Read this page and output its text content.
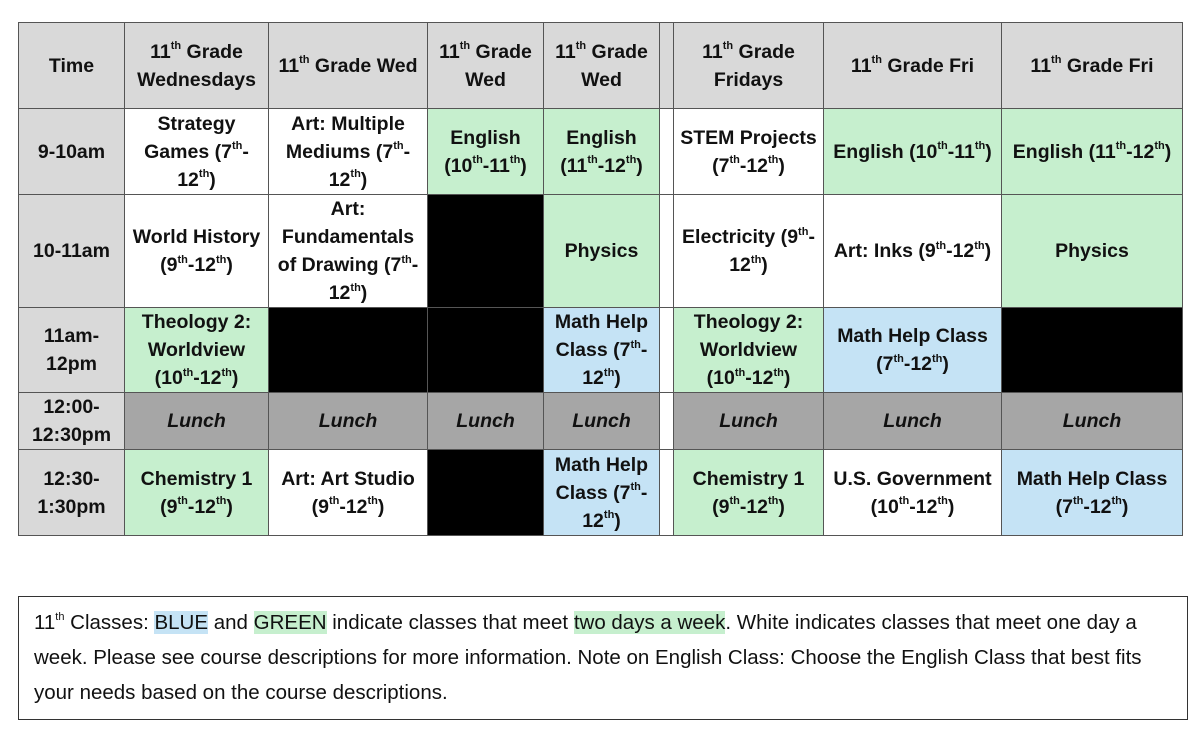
Time	11th Grade Wednesdays	11th Grade Wed	11th Grade Wed	11th Grade Wed		11th Grade Fridays	11th Grade Fri	11th Grade Fri
9-10am	Strategy Games (7th-12th)	Art: Multiple Mediums (7th-12th)	English (10th-11th)	English (11th-12th)		STEM Projects (7th-12th)	English (10th-11th)	English (11th-12th)
10-11am	World History (9th-12th)	Art: Fundamentals of Drawing (7th-12th)		Physics		Electricity (9th-12th)	Art: Inks (9th-12th)	Physics
11am-12pm	Theology 2: Worldview (10th-12th)			Math Help Class (7th-12th)		Theology 2: Worldview (10th-12th)	Math Help Class (7th-12th)	
12:00-12:30pm	Lunch	Lunch	Lunch	Lunch		Lunch	Lunch	Lunch
12:30-1:30pm	Chemistry 1 (9th-12th)	Art: Art Studio (9th-12th)		Math Help Class (7th-12th)		Chemistry 1 (9th-12th)	U.S. Government (10th-12th)	Math Help Class (7th-12th)
11th Classes: BLUE and GREEN indicate classes that meet two days a week. White indicates classes that meet one day a week. Please see course descriptions for more information. Note on English Class: Choose the English Class that best fits your needs based on the course descriptions.
